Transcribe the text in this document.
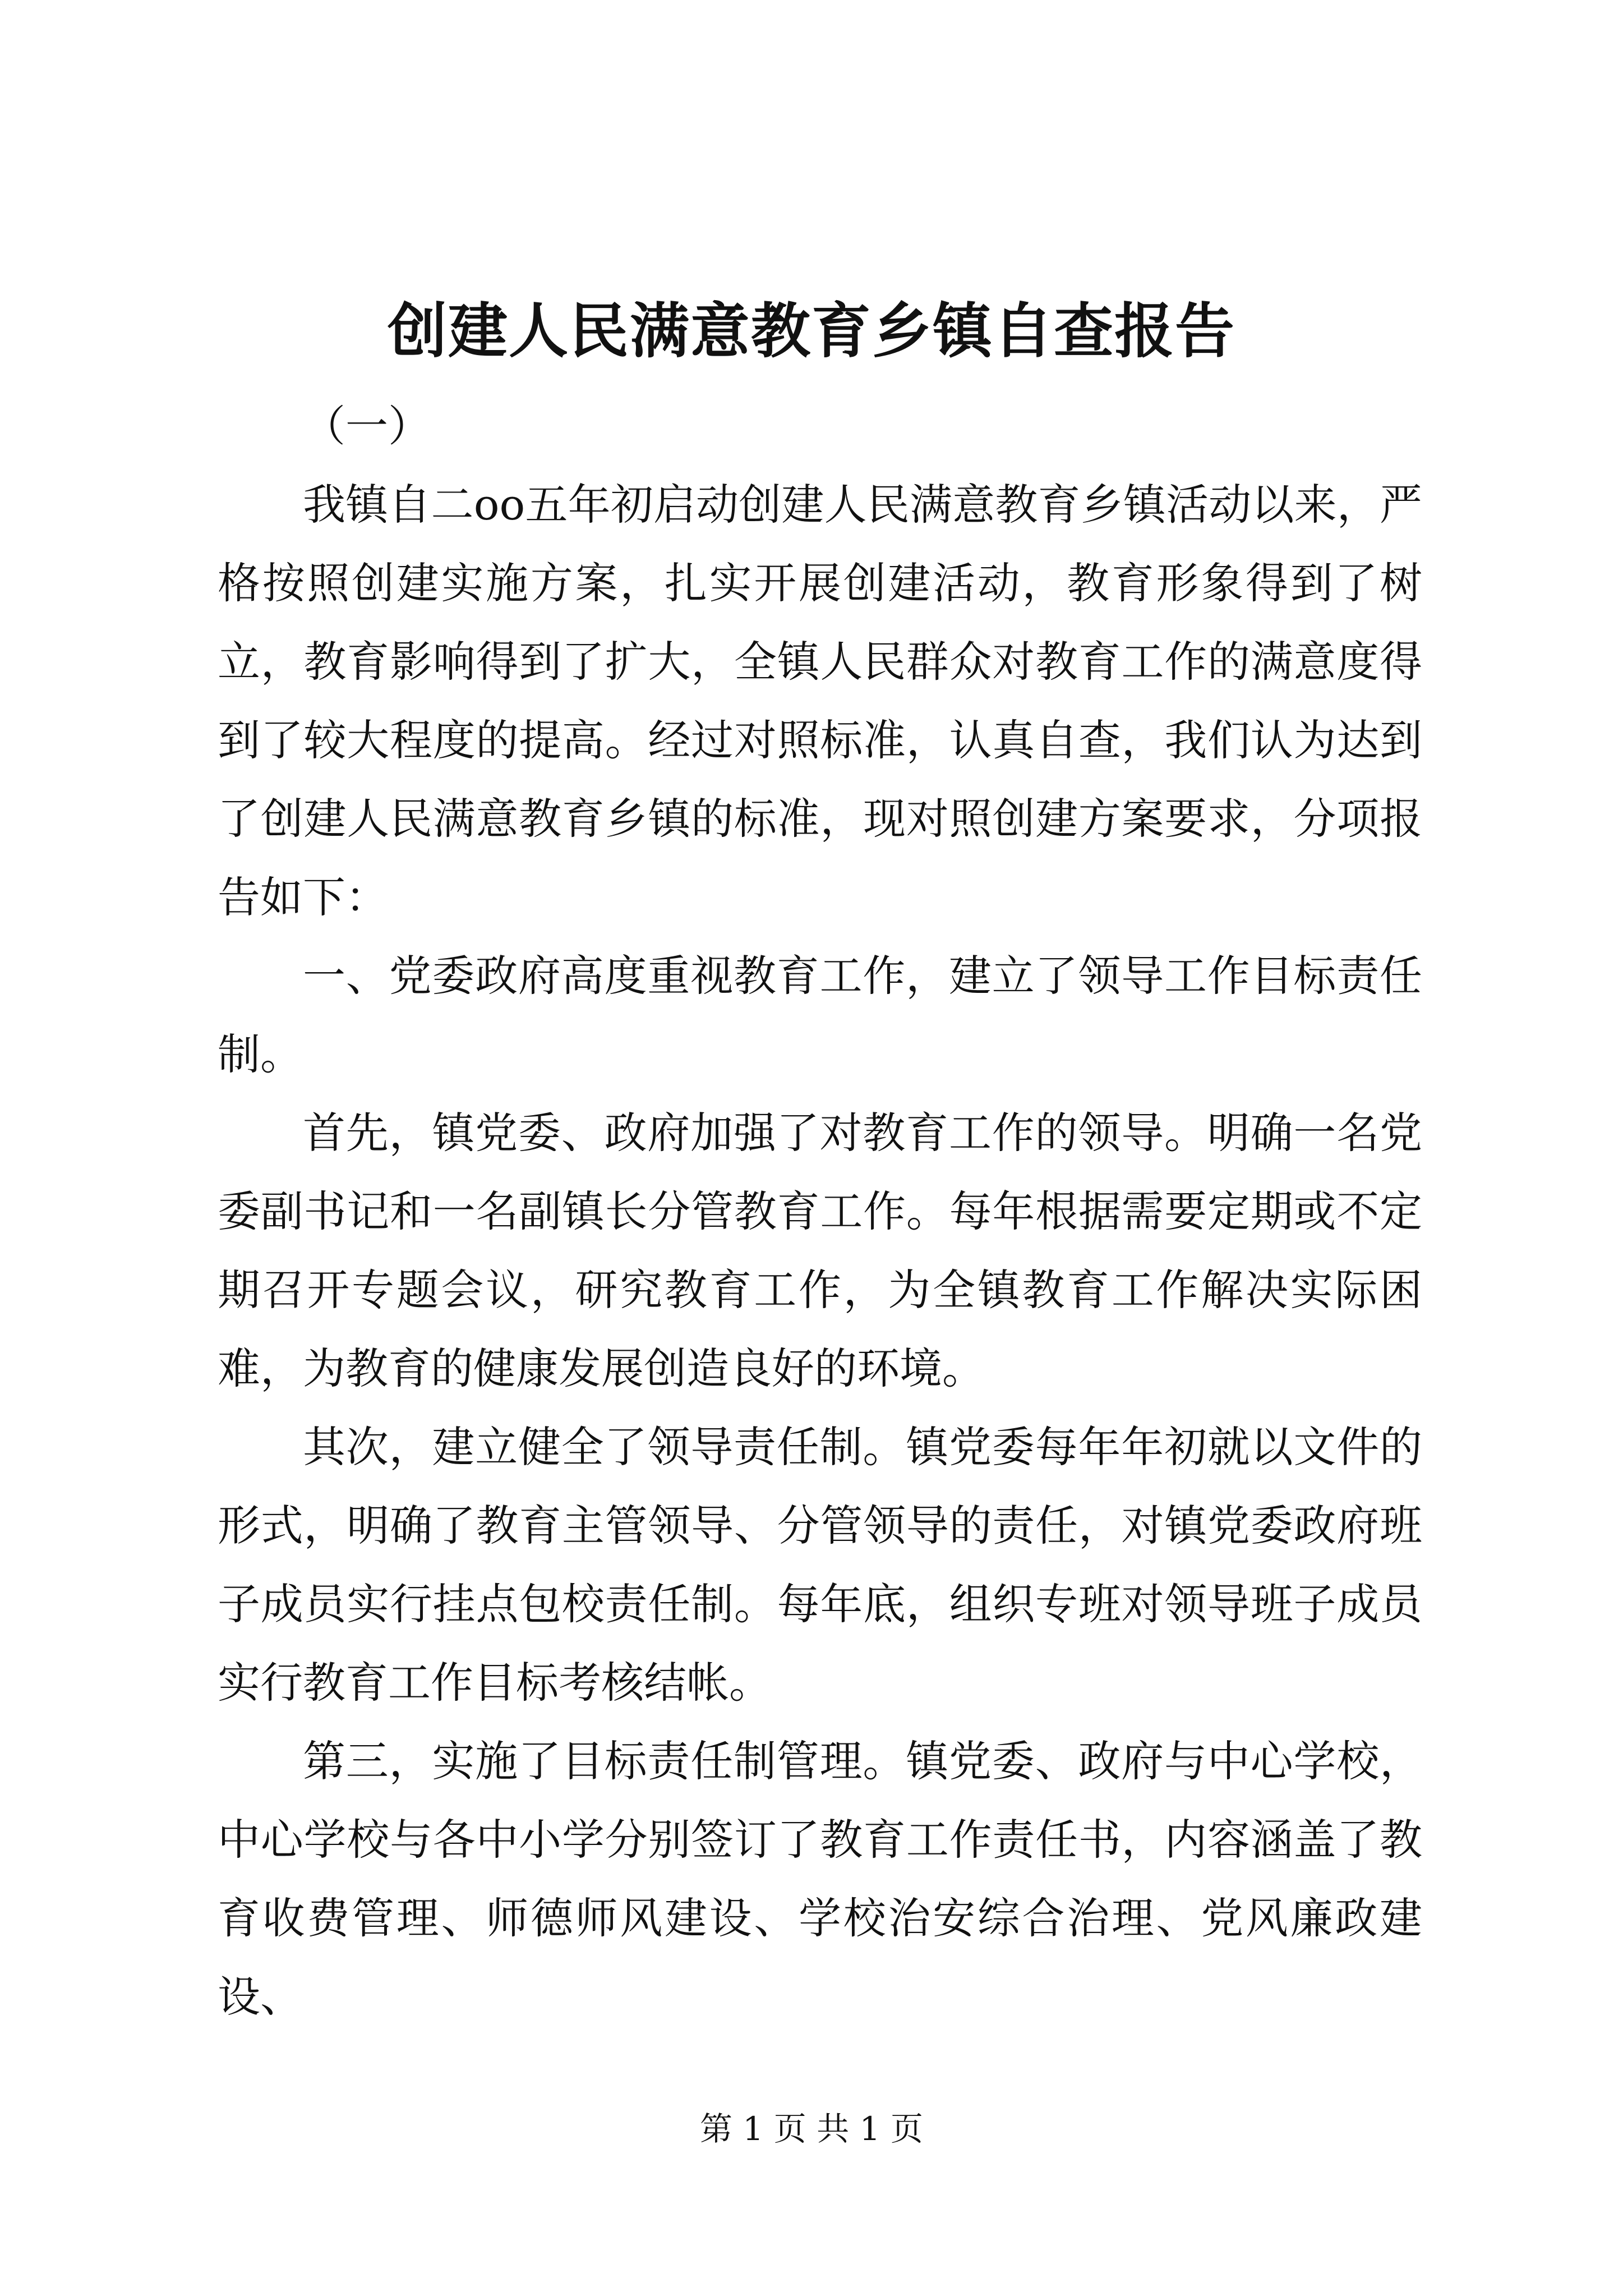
创建人民满意教育乡镇自查报告

（一）

我镇自二oo五年初启动创建人民满意教育乡镇活动以来，严格按照创建实施方案，扎实开展创建活动，教育形象得到了树立，教育影响得到了扩大，全镇人民群众对教育工作的满意度得到了较大程度的提高。经过对照标准，认真自查，我们认为达到了创建人民满意教育乡镇的标准，现对照创建方案要求，分项报告如下：

一、党委政府高度重视教育工作，建立了领导工作目标责任制。

首先，镇党委、政府加强了对教育工作的领导。明确一名党委副书记和一名副镇长分管教育工作。每年根据需要定期或不定期召开专题会议，研究教育工作，为全镇教育工作解决实际困难，为教育的健康发展创造良好的环境。

其次，建立健全了领导责任制。镇党委每年年初就以文件的形式，明确了教育主管领导、分管领导的责任，对镇党委政府班子成员实行挂点包校责任制。每年底，组织专班对领导班子成员实行教育工作目标考核结帐。

第三，实施了目标责任制管理。镇党委、政府与中心学校，中心学校与各中小学分别签订了教育工作责任书，内容涵盖了教育收费管理、师德师风建设、学校治安综合治理、党风廉政建设、

第 1 页 共 1 页
